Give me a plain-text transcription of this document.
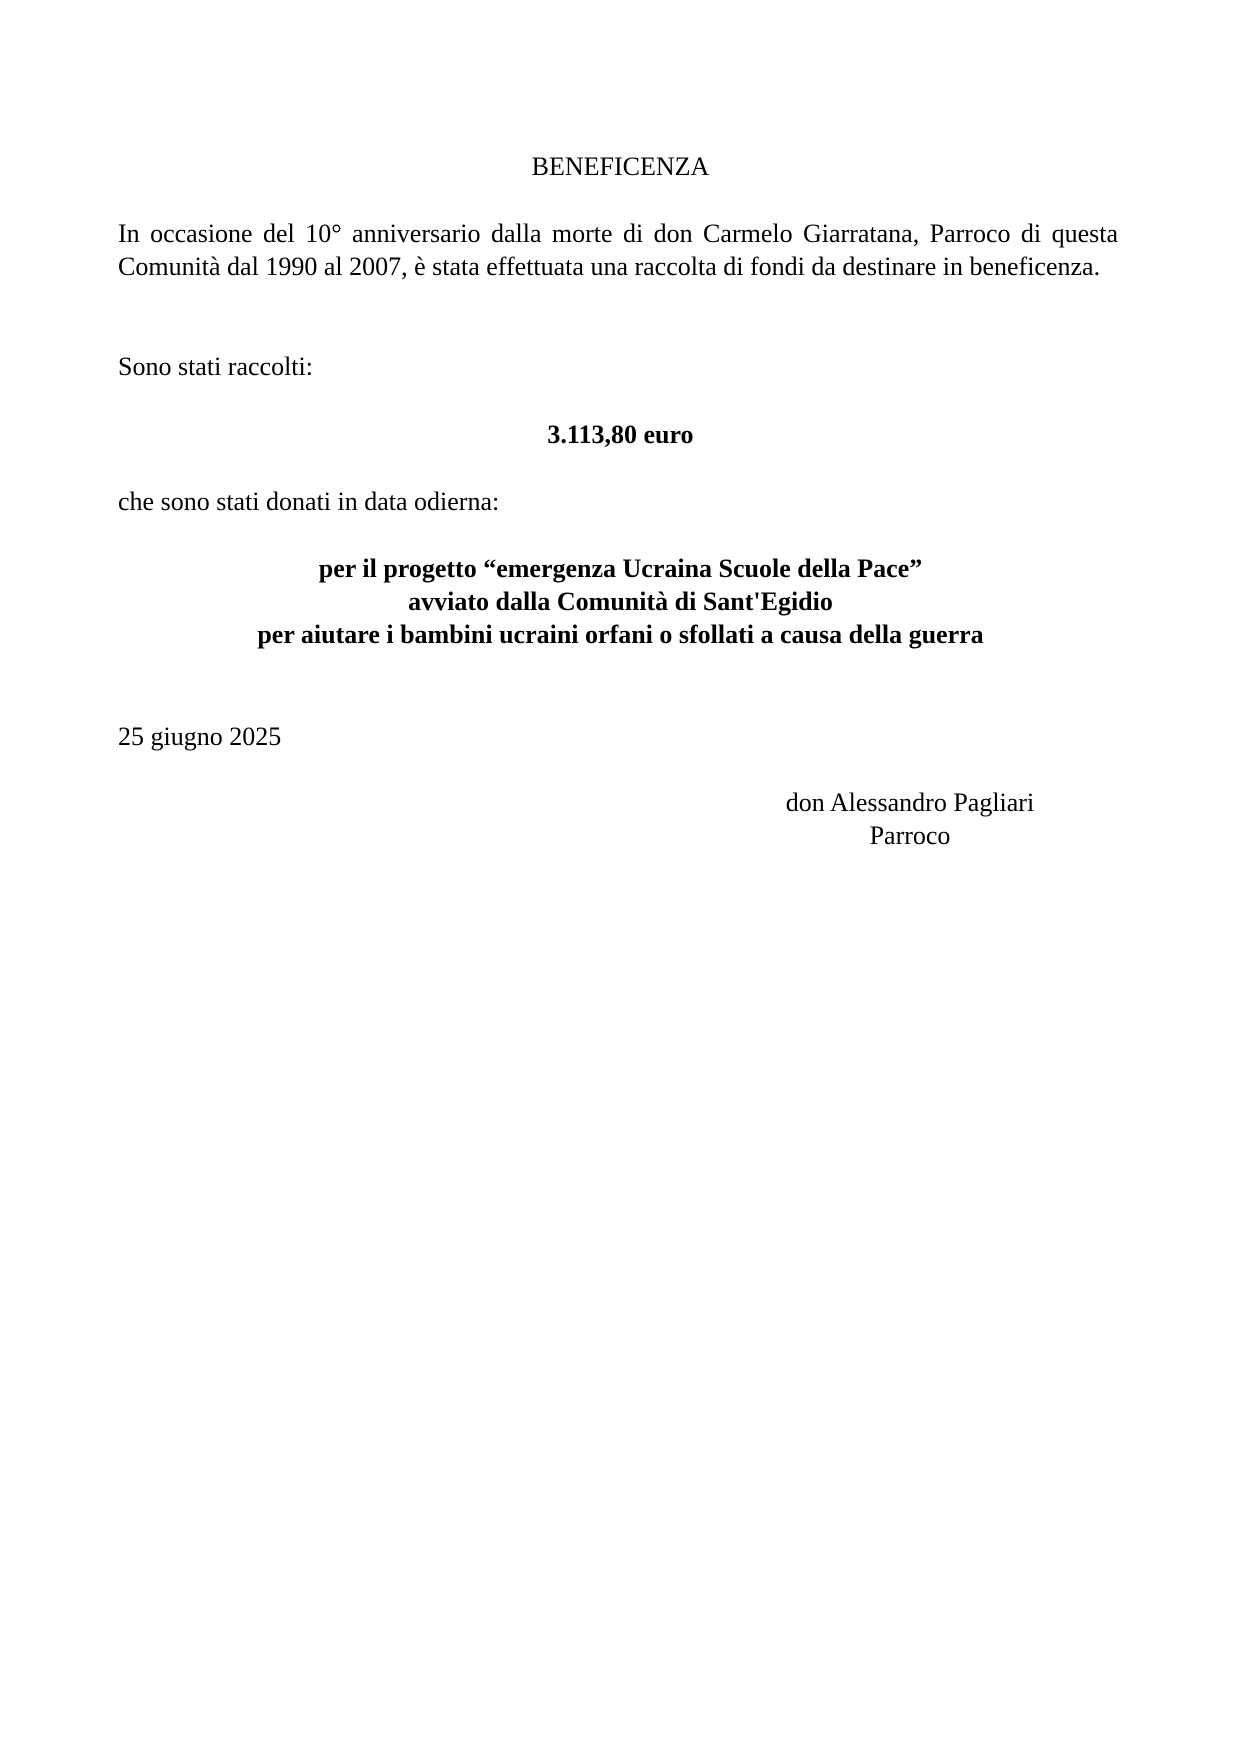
BENEFICENZA

In occasione del 10° anniversario dalla morte di don Carmelo Giarratana, Parroco di questa Comunità dal 1990 al 2007, è stata effettuata una raccolta di fondi da destinare in beneficenza.

Sono stati raccolti:

3.113,80 euro

che sono stati donati in data odierna:

per il progetto “emergenza Ucraina Scuole della Pace”
avviato dalla Comunità di Sant'Egidio
per aiutare i bambini ucraini orfani o sfollati a causa della guerra

25 giugno 2025

don Alessandro Pagliari
Parroco
